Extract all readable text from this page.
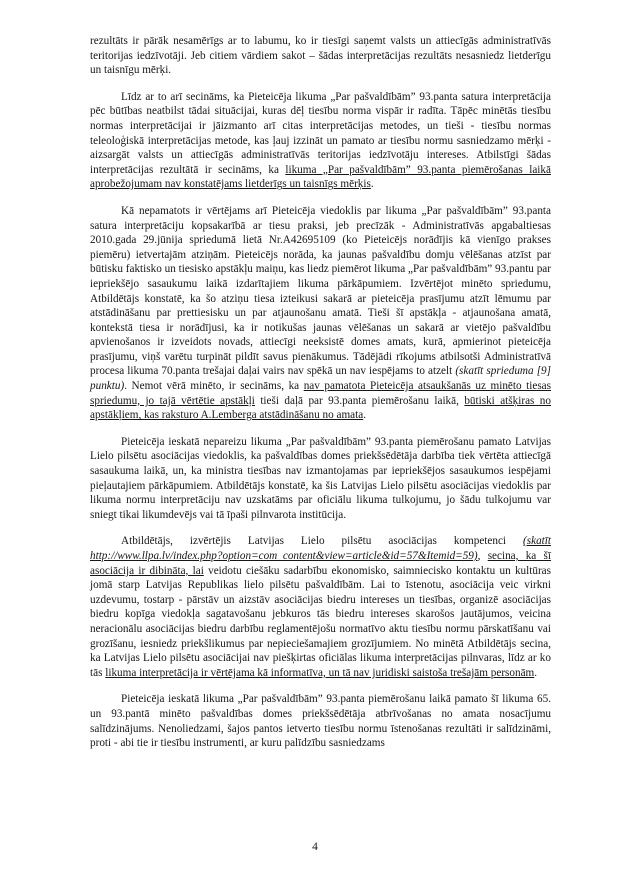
rezultāts ir pārāk nesamērīgs ar to labumu, ko ir tiesīgi saņemt valsts un attiecīgās administratīvās teritorijas iedzīvotāji. Jeb citiem vārdiem sakot – šādas interpretācijas rezultāts nesasniedz lietderīgu un taisnīgu mērķi.

Līdz ar to arī secināms, ka Pieteicēja likuma „Par pašvaldībām” 93.panta satura interpretācija pēc būtības neatbilst tādai situācijai, kuras dēļ tiesību norma vispār ir radīta. Tāpēc minētās tiesību normas interpretācijai ir jāizmanto arī citas interpretācijas metodes, un tieši - tiesību normas teleoloģiskā interpretācijas metode, kas ļauj izzināt un pamato ar tiesību normu sasniedzamo mērķi - aizsargāt valsts un attiecīgās administratīvās teritorijas iedzīvotāju intereses. Atbilstīgi šādas interpretācijas rezultātā ir secināms, ka likuma „Par pašvaldībām” 93.panta piemērošanas laikā aprobežojumam nav konstatējams lietderīgs un taisnīgs mērķis.

Kā nepamatots ir vērtējams arī Pieteicēja viedoklis par likuma „Par pašvaldībām” 93.panta satura interpretāciju kopsakarībā ar tiesu praksi, jeb precīzāk - Administratīvās apgabaltiesas 2010.gada 29.jūnija spriedumā lietā Nr.A42695109 (ko Pieteicējs norādījis kā vienīgo prakses piemēru) ietvertajām atziņām. Pieteicējs norāda, ka jaunas pašvaldību domju vēlēšanas atzīst par būtisku faktisko un tiesisko apstākļu maiņu, kas liedz piemērot likuma „Par pašvaldībām” 93.pantu par iepriekšējo sasaukumu laikā izdarītajiem likuma pārkāpumiem. Izvērtējot minēto spriedumu, Atbildētājs konstatē, ka šo atziņu tiesa izteikusi sakarā ar pieteicēja prasījumu atzīt lēmumu par atstādināšanu par prettiesisku un par atjaunošanu amatā. Tieši šī apstākļa - atjaunošana amatā, kontekstā tiesa ir norādījusi, ka ir notikušas jaunas vēlēšanas un sakarā ar vietējo pašvaldību apvienošanos ir izveidots novads, attiecīgi neeksistē domes amats, kurā, apmierinot pieteicēja prasījumu, viņš varētu turpināt pildīt savus pienākumus. Tādējādi rīkojums atbilsotši Administratīvā procesa likuma 70.panta trešajai daļai vairs nav spēkā un nav iespējams to atzelt (skatīt sprieduma [9] punktu). Nemot vērā minēto, ir secināms, ka nav pamatota Pieteicēja atsaukšanās uz minēto tiesas spriedumu, jo tajā vērtētie apstākļi tieši daļā par 93.panta piemērošanu laikā, būtiski atšķiras no apstākļiem, kas raksturo A.Lemberga atstādināšanu no amata.

Pieteicēja ieskatā nepareizu likuma „Par pašvaldībām” 93.panta piemērošanu pamato Latvijas Lielo pilsētu asociācijas viedoklis, ka pašvaldības domes priekšsēdētāja darbība tiek vērtēta attiecīgā sasaukuma laikā, un, ka ministra tiesības nav izmantojamas par iepriekšējos sasaukumos iespējami pieļautajiem pārkāpumiem. Atbildētājs konstatē, ka šis Latvijas Lielo pilsētu asociācijas viedoklis par likuma normu interpretāciju nav uzskatāms par oficiālu likuma tulkojumu, jo šādu tulkojumu var sniegt tikai likumdevējs vai tā īpaši pilnvarota institūcija.

Atbildētājs, izvērtējis Latvijas Lielo pilsētu asociācijas kompetenci (skatīt http://www.llpa.lv/index.php?option=com_content&view=article&id=57&Itemid=59), secina, ka šī asociācija ir dibināta, lai veidotu ciešāku sadarbību ekonomisko, saimniecisko kontaktu un kultūras jomā starp Latvijas Republikas lielo pilsētu pašvaldībām. Lai to īstenotu, asociācija veic virkni uzdevumu, tostarp - pārstāv un aizstāv asociācijas biedru intereses un tiesības, organizē asociācijas biedru kopīga viedokļa sagatavošanu jebkuros tās biedru intereses skarošos jautājumos, veicina neracionālu asociācijas biedru darbību reglamentējošu normatīvo aktu tiesību normu pārskatīšanu vai grozīšanu, iesniedz priekšlikumus par nepieciešamajiem grozījumiem. No minētā Atbildētājs secina, ka Latvijas Lielo pilsētu asociācijai nav piešķirtas oficiālas likuma interpretācijas pilnvaras, līdz ar ko tās likuma interpretācija ir vērtējama kā informatīva, un tā nav juridiski saistoša trešajām personām.

Pieteicēja ieskatā likuma „Par pašvaldībām” 93.panta piemērošanu laikā pamato šī likuma 65. un 93.pantā minēto pašvaldības domes priekšsēdētāja atbrīvošanas no amata nosacījumu salīdzinājums. Nenoliedzami, šajos pantos ietverto tiesību normu īstenošanas rezultāti ir salīdzināmi, proti - abi tie ir tiesību instrumenti, ar kuru palīdzību sasniedzams

4
